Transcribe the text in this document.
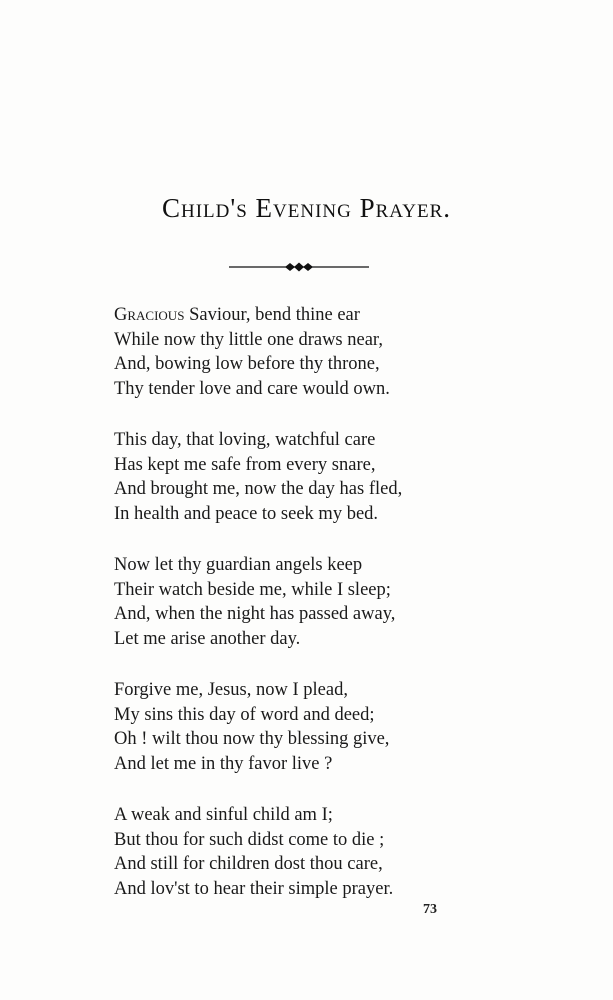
Child's Evening Prayer.
Gracious Saviour, bend thine ear
While now thy little one draws near,
And, bowing low before thy throne,
Thy tender love and care would own.
This day, that loving, watchful care
Has kept me safe from every snare,
And brought me, now the day has fled,
In health and peace to seek my bed.
Now let thy guardian angels keep
Their watch beside me, while I sleep;
And, when the night has passed away,
Let me arise another day.
Forgive me, Jesus, now I plead,
My sins this day of word and deed;
Oh ! wilt thou now thy blessing give,
And let me in thy favor live ?
A weak and sinful child am I;
But thou for such didst come to die ;
And still for children dost thou care,
And lov'st to hear their simple prayer.
73
